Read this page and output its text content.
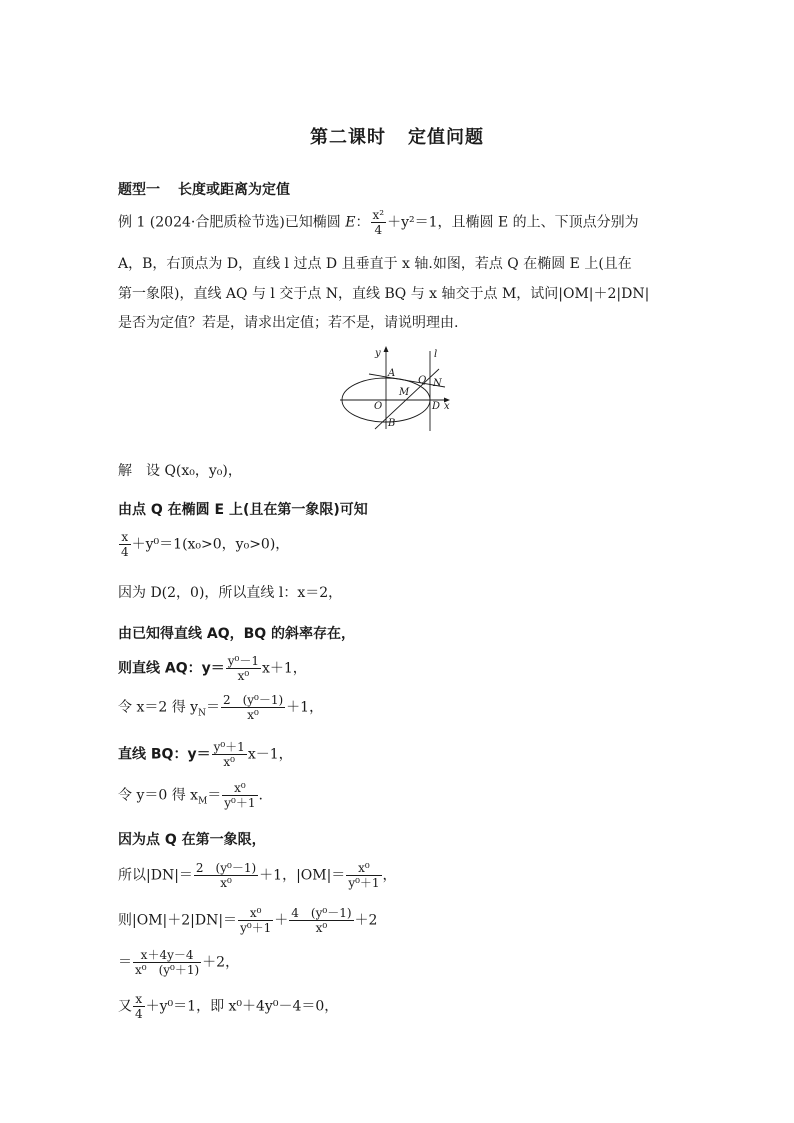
第二课时 定值问题
题型一 长度或距离为定值
例 1 (2024·合肥质检节选)已知椭圆 E： $\frac{\text{x²}}{4} +y^2=1$，且椭圆 E 的上、下顶点分别为
A，B，右顶点为 D，直线 l 过点 D 且垂直于 x 轴.如图，若点 Q 在椭圆 E 上(且在
第一象限)，直线 AQ 与 l 交于点 N，直线 BQ 与 x 轴交于点 M，试问|OM|＋2|DN|
是否为定值？若是，请求出定值；若不是，请说明理由.
y	l
A
Q N
M
O	D x
B
解　设 Q(x₀，y₀)，
由点 Q 在椭圆 E 上(且在第一象限)可知
$\frac{x}{4} +y^0=1(x_0>0$，y₀>0)，
因为 D(2，0)，所以直线 l：x＝2，
由已知得直线 AQ，BQ 的斜率存在，
则直线 AQ：$y= \frac{\text{y⁰－1}}{\text{x⁰}} x+1$，
令 x＝2 得 $y_N= \frac{\text{2　(y⁰－1)}}{\text{x⁰}} +1$，
直线 BQ：$y= \frac{\text{y⁰＋1}}{\text{x⁰}} x-1$，
令 y＝0 得 $x_M= \frac{\text{x⁰}}{\text{y⁰＋1}}$ .
因为点 Q 在第一象限，
所以$|DN|= \frac{\text{2　(y⁰－1)}}{\text{x⁰}} +1$，$|OM|= \frac{\text{x⁰}}{\text{y⁰＋1}}$ ，
则$|OM|+2|DN|= \frac{\text{x⁰}}{\text{y⁰＋1}} + \frac{\text{4　(y⁰－1)}}{\text{x⁰}} +2$
＝ $\frac{x+4y-4}{\text{x⁰　(y⁰＋1)}} +2$，
又 $\frac{x}{4} +y^0=1$，即 x⁰＋4y⁰－4＝0，
